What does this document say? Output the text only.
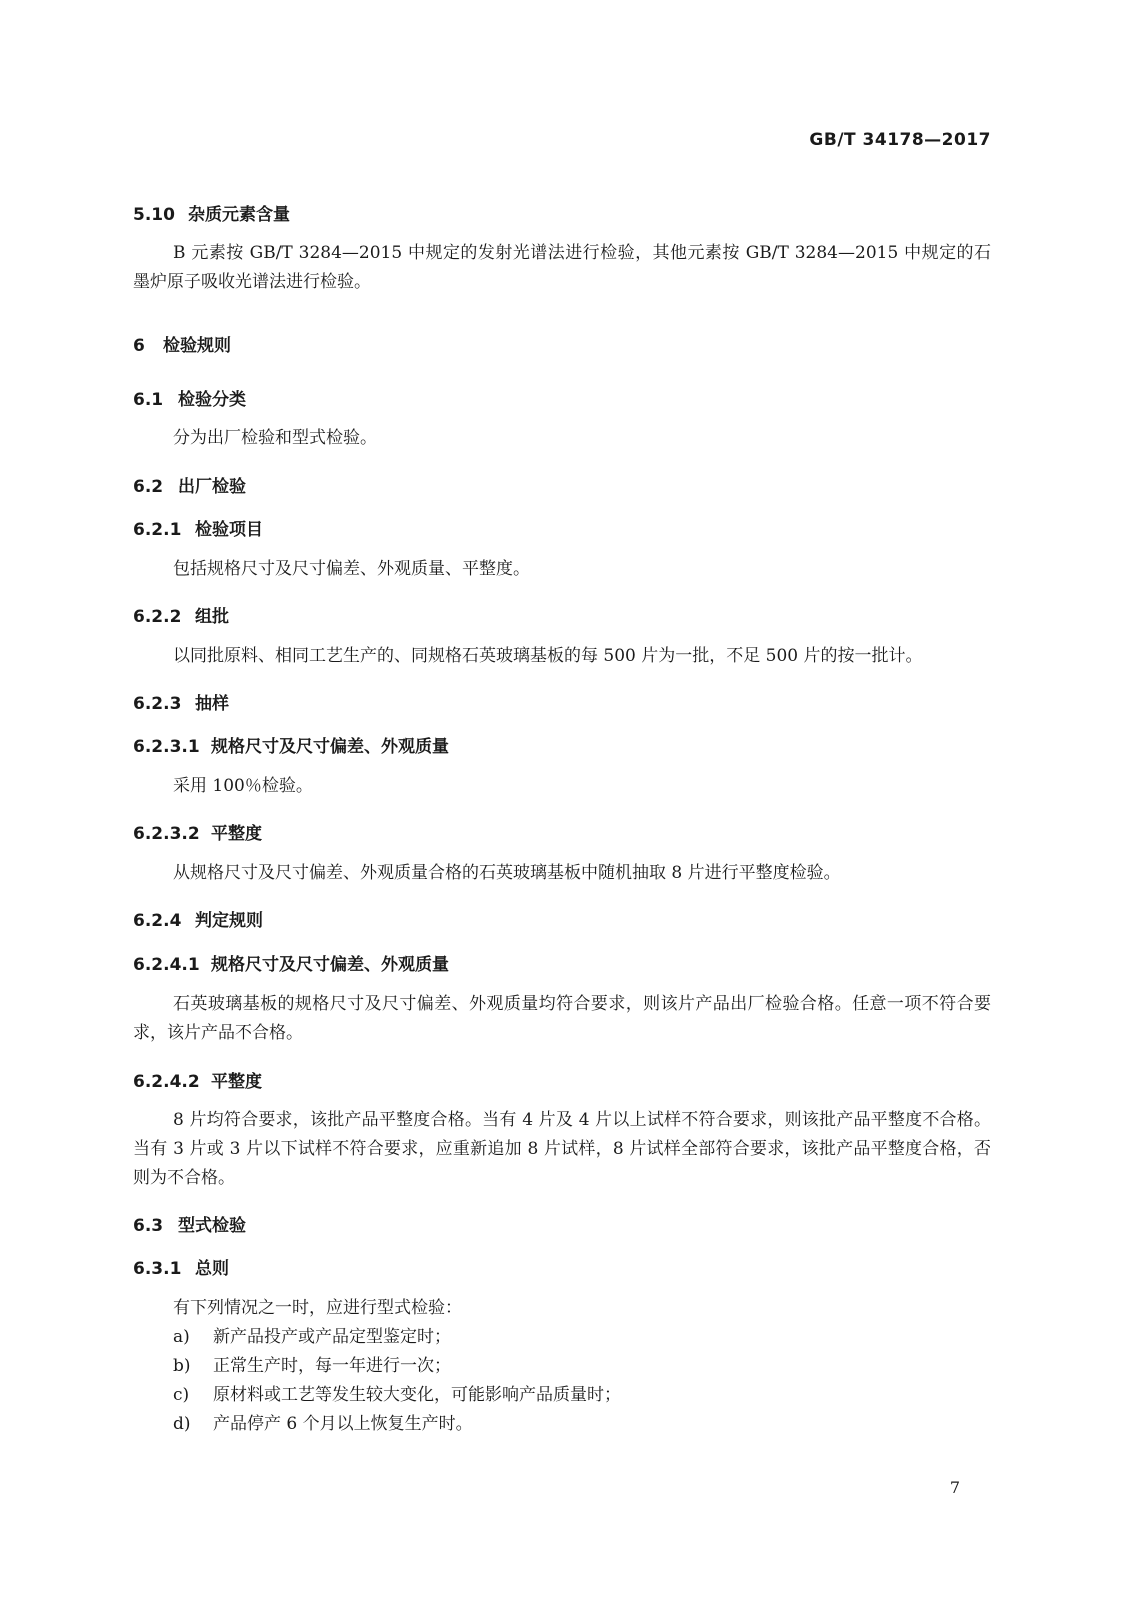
GB/T 34178—2017
5.10 杂质元素含量
B 元素按 GB/T 3284—2015 中规定的发射光谱法进行检验，其他元素按 GB/T 3284—2015 中规定的石墨炉原子吸收光谱法进行检验。
6 检验规则
6.1 检验分类
分为出厂检验和型式检验。
6.2 出厂检验
6.2.1 检验项目
包括规格尺寸及尺寸偏差、外观质量、平整度。
6.2.2 组批
以同批原料、相同工艺生产的、同规格石英玻璃基板的每 500 片为一批，不足 500 片的按一批计。
6.2.3 抽样
6.2.3.1 规格尺寸及尺寸偏差、外观质量
采用 100％检验。
6.2.3.2 平整度
从规格尺寸及尺寸偏差、外观质量合格的石英玻璃基板中随机抽取 8 片进行平整度检验。
6.2.4 判定规则
6.2.4.1 规格尺寸及尺寸偏差、外观质量
石英玻璃基板的规格尺寸及尺寸偏差、外观质量均符合要求，则该片产品出厂检验合格。任意一项不符合要求，该片产品不合格。
6.2.4.2 平整度
8 片均符合要求，该批产品平整度合格。当有 4 片及 4 片以上试样不符合要求，则该批产品平整度不合格。当有 3 片或 3 片以下试样不符合要求，应重新追加 8 片试样，8 片试样全部符合要求，该批产品平整度合格，否则为不合格。
6.3 型式检验
6.3.1 总则
有下列情况之一时，应进行型式检验：
a) 新产品投产或产品定型鉴定时；
b) 正常生产时，每一年进行一次；
c) 原材料或工艺等发生较大变化，可能影响产品质量时；
d) 产品停产 6 个月以上恢复生产时。
7
